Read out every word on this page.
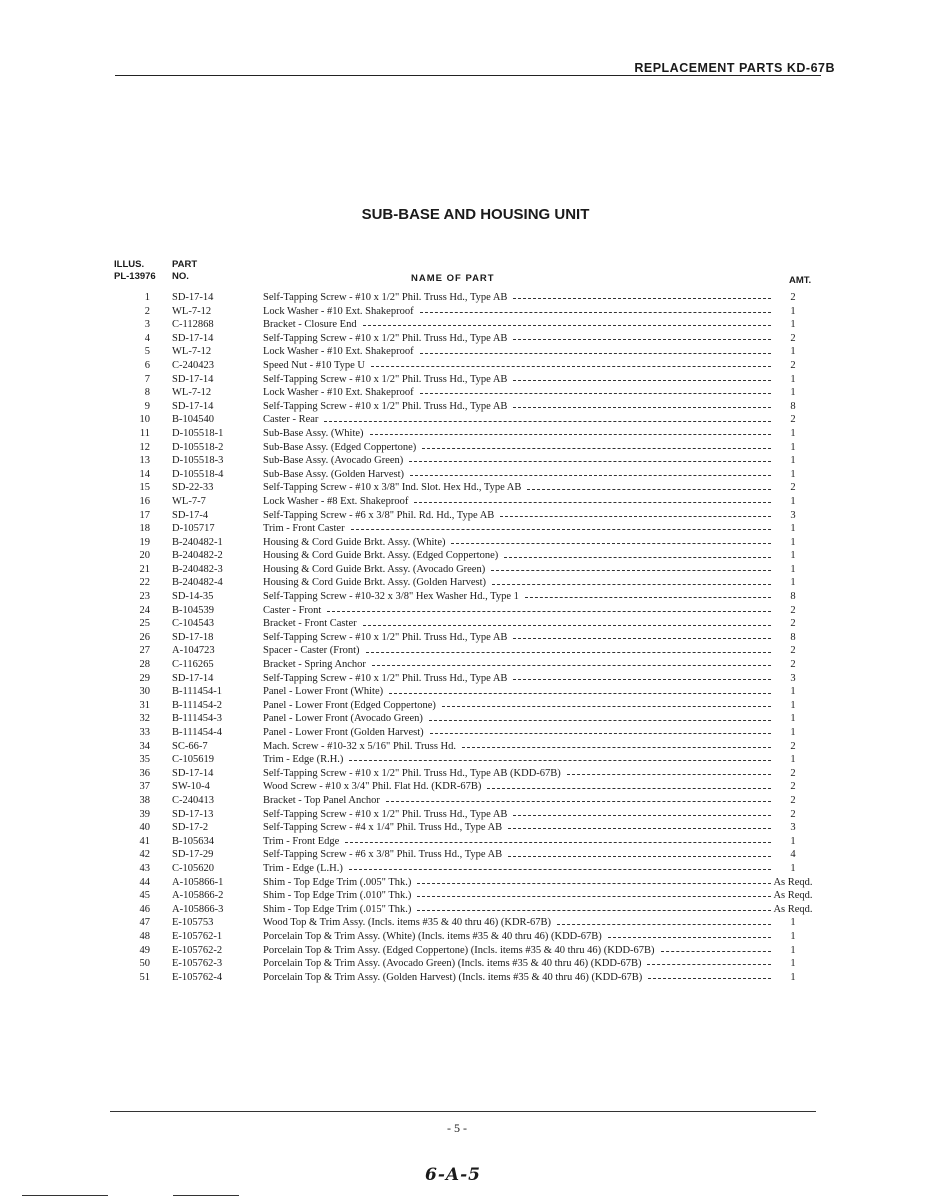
REPLACEMENT PARTS KD-67B
SUB-BASE AND HOUSING UNIT
ILLUS.
PL-13976
PART
NO.	NAME OF PART	AMT.
1 SD-17-14	Self-Tapping Screw - #10 x 1/2" Phil. Truss Hd., Type AB	2
2 WL-7-12	Lock Washer - #10 Ext. Shakeproof	1
3 C-112868	Bracket - Closure End	1
4 SD-17-14	Self-Tapping Screw - #10 x 1/2" Phil. Truss Hd., Type AB	2
5 WL-7-12	Lock Washer - #10 Ext. Shakeproof	1
6 C-240423	Speed Nut - #10 Type U	2
7 SD-17-14	Self-Tapping Screw - #10 x 1/2" Phil. Truss Hd., Type AB	1
8 WL-7-12	Lock Washer - #10 Ext. Shakeproof	1
9 SD-17-14	Self-Tapping Screw - #10 x 1/2" Phil. Truss Hd., Type AB	8
10 B-104540	Caster - Rear	2
11 D-105518-1	Sub-Base Assy. (White)	1
12 D-105518-2	Sub-Base Assy. (Edged Coppertone)	1
13 D-105518-3	Sub-Base Assy. (Avocado Green)	1
14 D-105518-4	Sub-Base Assy. (Golden Harvest)	1
15 SD-22-33	Self-Tapping Screw - #10 x 3/8" Ind. Slot. Hex Hd., Type AB	2
16 WL-7-7	Lock Washer - #8 Ext. Shakeproof	1
17 SD-17-4	Self-Tapping Screw - #6 x 3/8" Phil. Rd. Hd., Type AB	3
18 D-105717	Trim - Front Caster	1
19 B-240482-1	Housing & Cord Guide Brkt. Assy. (White)	1
20 B-240482-2	Housing & Cord Guide Brkt. Assy. (Edged Coppertone)	1
21 B-240482-3	Housing & Cord Guide Brkt. Assy. (Avocado Green)	1
22 B-240482-4	Housing & Cord Guide Brkt. Assy. (Golden Harvest)	1
23 SD-14-35	Self-Tapping Screw - #10-32 x 3/8" Hex Washer Hd., Type 1	8
24 B-104539	Caster - Front	2
25 C-104543	Bracket - Front Caster	2
26 SD-17-18	Self-Tapping Screw - #10 x 1/2" Phil. Truss Hd., Type AB	8
27 A-104723	Spacer - Caster (Front)	2
28 C-116265	Bracket - Spring Anchor	2
29 SD-17-14	Self-Tapping Screw - #10 x 1/2" Phil. Truss Hd., Type AB	3
30 B-111454-1	Panel - Lower Front (White)	1
31 B-111454-2	Panel - Lower Front (Edged Coppertone)	1
32 B-111454-3	Panel - Lower Front (Avocado Green)	1
33 B-111454-4	Panel - Lower Front (Golden Harvest)	1
34 SC-66-7	Mach. Screw - #10-32 x 5/16" Phil. Truss Hd.	2
35 C-105619	Trim - Edge (R.H.)	1
36 SD-17-14	Self-Tapping Screw - #10 x 1/2" Phil. Truss Hd., Type AB (KDD-67B)	2
37 SW-10-4	Wood Screw - #10 x 3/4" Phil. Flat Hd. (KDR-67B)	2
38 C-240413	Bracket - Top Panel Anchor	2
39 SD-17-13	Self-Tapping Screw - #10 x 1/2" Phil. Truss Hd., Type AB	2
40 SD-17-2	Self-Tapping Screw - #4 x 1/4" Phil. Truss Hd., Type AB	3
41 B-105634	Trim - Front Edge	1
42 SD-17-29	Self-Tapping Screw - #6 x 3/8" Phil. Truss Hd., Type AB	4
43 C-105620	Trim - Edge (L.H.)	1
44 A-105866-1	Shim - Top Edge Trim (.005" Thk.)	As Reqd.
45 A-105866-2	Shim - Top Edge Trim (.010" Thk.)	As Reqd.
46 A-105866-3	Shim - Top Edge Trim (.015" Thk.)	As Reqd.
47 E-105753	Wood Top & Trim Assy. (Incls. items #35 & 40 thru 46) (KDR-67B)	1
48 E-105762-1	Porcelain Top & Trim Assy. (White) (Incls. items #35 & 40 thru 46) (KDD-67B)	1
49 E-105762-2	Porcelain Top & Trim Assy. (Edged Coppertone) (Incls. items #35 & 40 thru 46) (KDD-67B)	1
50 E-105762-3	Porcelain Top & Trim Assy. (Avocado Green) (Incls. items #35 & 40 thru 46) (KDD-67B)	1
51 E-105762-4	Porcelain Top & Trim Assy. (Golden Harvest) (Incls. items #35 & 40 thru 46) (KDD-67B)	1
- 5 -
6-A-5
